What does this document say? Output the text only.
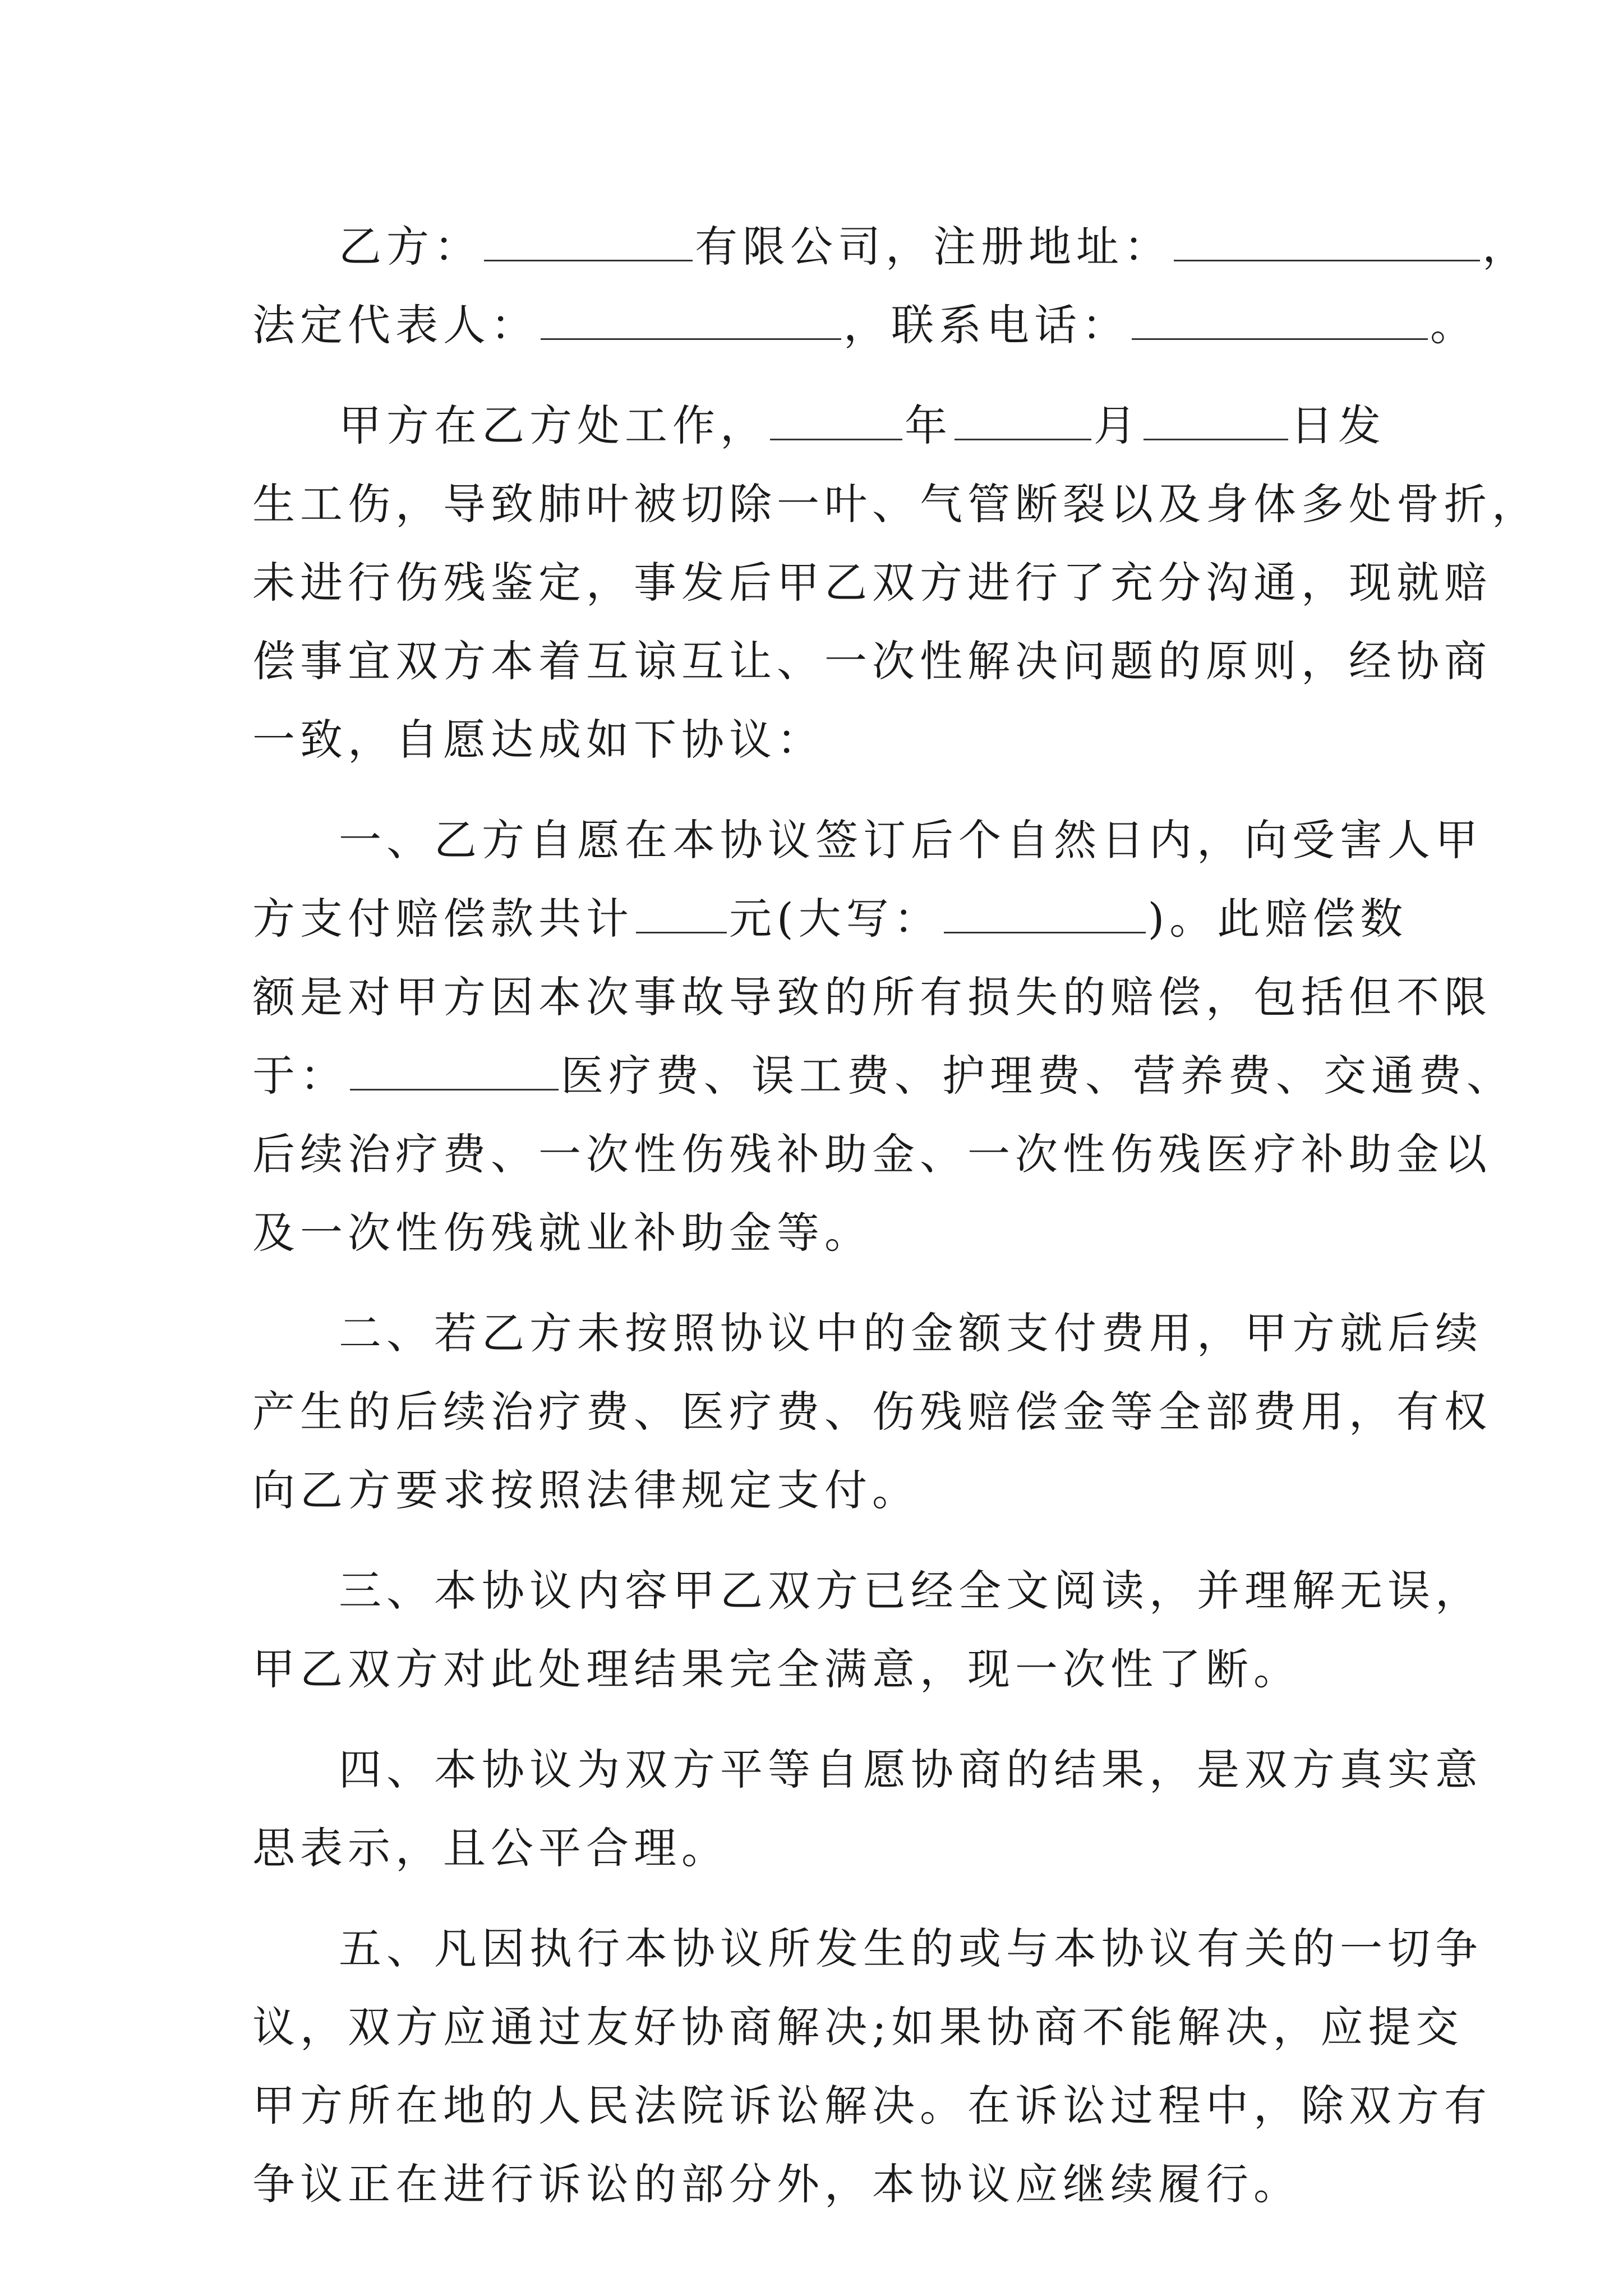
乙方：	有限公司，注册地址：	，
法定代表人：	，联系电话：	。
甲方在乙方处工作，	年	月	日发
生工伤，导致肺叶被切除一叶、气管断裂以及身体多处骨折，
未进行伤残鉴定，事发后甲乙双方进行了充分沟通，现就赔
偿事宜双方本着互谅互让、一次性解决问题的原则，经协商
一致，自愿达成如下协议：
一、乙方自愿在本协议签订后个自然日内，向受害人甲
方支付赔偿款共计 元(大写：	)。此赔偿数
额是对甲方因本次事故导致的所有损失的赔偿，包括但不限
于：	医疗费、误工费、护理费、营养费、交通费、
后续治疗费、一次性伤残补助金、一次性伤残医疗补助金以
及一次性伤残就业补助金等。
二、若乙方未按照协议中的金额支付费用，甲方就后续
产生的后续治疗费、医疗费、伤残赔偿金等全部费用，有权
向乙方要求按照法律规定支付。
三、本协议内容甲乙双方已经全文阅读，并理解无误，
甲乙双方对此处理结果完全满意，现一次性了断。
四、本协议为双方平等自愿协商的结果，是双方真实意
思表示，且公平合理。
五、凡因执行本协议所发生的或与本协议有关的一切争
议，双方应通过友好协商解决;如果协商不能解决，应提交
甲方所在地的人民法院诉讼解决。在诉讼过程中，除双方有
争议正在进行诉讼的部分外，本协议应继续履行。
